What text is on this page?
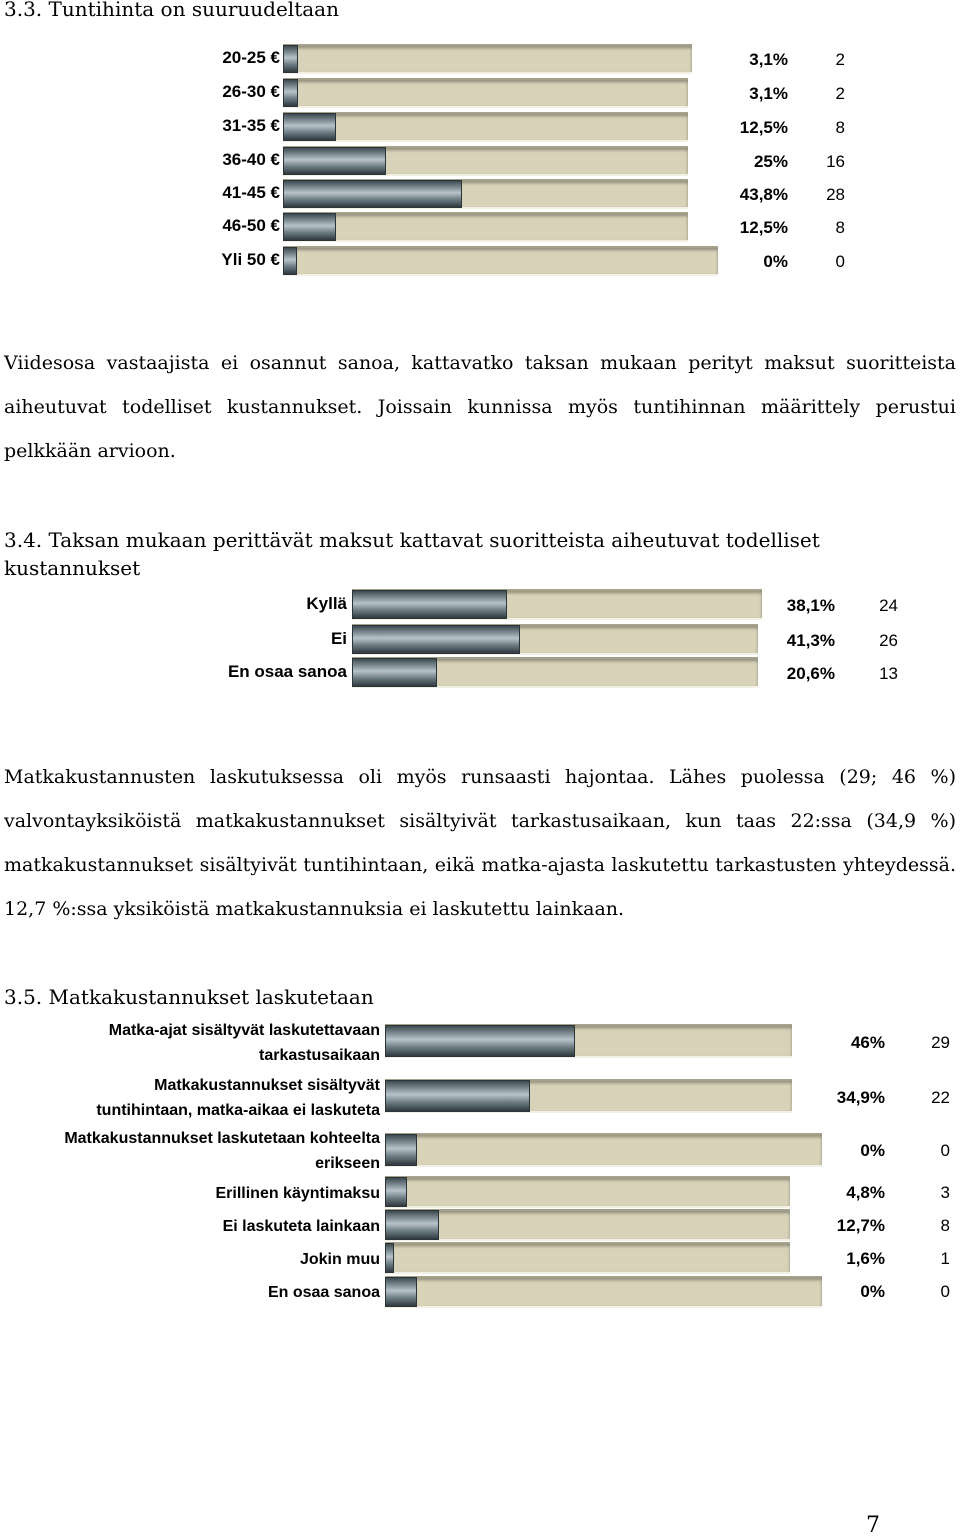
3.3. Tuntihinta on suuruudeltaan
20-25 €	3,1%	2
26-30 €	3,1%	2
31-35 €	12,5%	8
36-40 €	25%	16
41-45 €	43,8%	28
46-50 €	12,5%	8
Yli 50 €	0%	0
Viidesosa vastaajista ei osannut sanoa, kattavatko taksan mukaan perityt maksut suoritteista aiheutuvat todelliset kustannukset. Joissain kunnissa myös tuntihinnan määrittely perustui pelkkään arvioon.
3.4. Taksan mukaan perittävät maksut kattavat suoritteista aiheutuvat todelliset
kustannukset
Kyllä	38,1%	24
Ei	41,3%	26
En osaa sanoa	20,6%	13
Matkakustannusten laskutuksessa oli myös runsaasti hajontaa. Lähes puolessa (29; 46 %) valvontayksiköistä matkakustannukset sisältyivät tarkastusaikaan, kun taas 22:ssa (34,9 %) matkakustannukset sisältyivät tuntihintaan, eikä matka-ajasta laskutettu tarkastusten yhteydessä. 12,7 %:ssa yksiköistä matkakustannuksia ei laskutettu lainkaan.
3.5. Matkakustannukset laskutetaan
Matka-ajat sisältyvät laskutettavaan
tarkastusaikaan
46%	29
Matkakustannukset sisältyvät
tuntihintaan, matka-aikaa ei laskuteta
34,9%	22
Matkakustannukset laskutetaan kohteelta
erikseen
0%	0
Erillinen käyntimaksu	4,8%	3
Ei laskuteta lainkaan	12,7%	8
Jokin muu	1,6%	1
En osaa sanoa	0%	0
7
